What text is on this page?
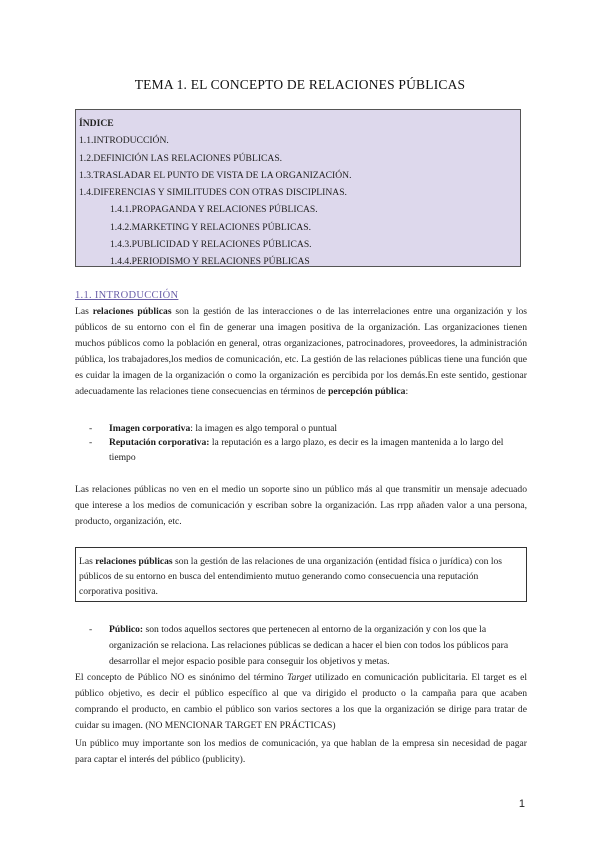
TEMA 1. EL CONCEPTO DE RELACIONES PÚBLICAS
ÍNDICE
1.1.INTRODUCCIÓN.
1.2.DEFINICIÓN LAS RELACIONES PÚBLICAS.
1.3.TRASLADAR EL PUNTO DE VISTA DE LA ORGANIZACIÓN.
1.4.DIFERENCIAS Y SIMILITUDES CON OTRAS DISCIPLINAS.
1.4.1.PROPAGANDA Y RELACIONES PÚBLICAS.
1.4.2.MARKETING Y RELACIONES PÚBLICAS.
1.4.3.PUBLICIDAD Y RELACIONES PÚBLICAS.
1.4.4.PERIODISMO Y RELACIONES PÚBLICAS
1.1. INTRODUCCIÓN
Las relaciones públicas son la gestión de las interacciones o de las interrelaciones entre una organización y los públicos de su entorno con el fin de generar una imagen positiva de la organización. Las organizaciones tienen muchos públicos como la población en general, otras organizaciones, patrocinadores, proveedores, la administración pública, los trabajadores,los medios de comunicación, etc. La gestión de las relaciones públicas tiene una función que es cuidar la imagen de la organización o como la organización es percibida por los demás.En este sentido, gestionar adecuadamente las relaciones tiene consecuencias en términos de percepción pública:
- Imagen corporativa: la imagen es algo temporal o puntual
- Reputación corporativa: la reputación es a largo plazo, es decir es la imagen mantenida a lo largo del tiempo
Las relaciones públicas no ven en el medio un soporte sino un público más al que transmitir un mensaje adecuado que interese a los medios de comunicación y escriban sobre la organización. Las rrpp añaden valor a una persona, producto, organización, etc.
Las relaciones públicas son la gestión de las relaciones de una organización (entidad física o jurídica) con los públicos de su entorno en busca del entendimiento mutuo generando como consecuencia una reputación corporativa positiva.
- Público: son todos aquellos sectores que pertenecen al entorno de la organización y con los que la organización se relaciona. Las relaciones públicas se dedican a hacer el bien con todos los públicos para desarrollar el mejor espacio posible para conseguir los objetivos y metas.
El concepto de Público NO es sinónimo del término Target utilizado en comunicación publicitaria. El target es el público objetivo, es decir el público específico al que va dirigido el producto o la campaña para que acaben comprando el producto, en cambio el público son varios sectores a los que la organización se dirige para tratar de cuidar su imagen. (NO MENCIONAR TARGET EN PRÁCTICAS)
Un público muy importante son los medios de comunicación, ya que hablan de la empresa sin necesidad de pagar para captar el interés del público (publicity).
1
